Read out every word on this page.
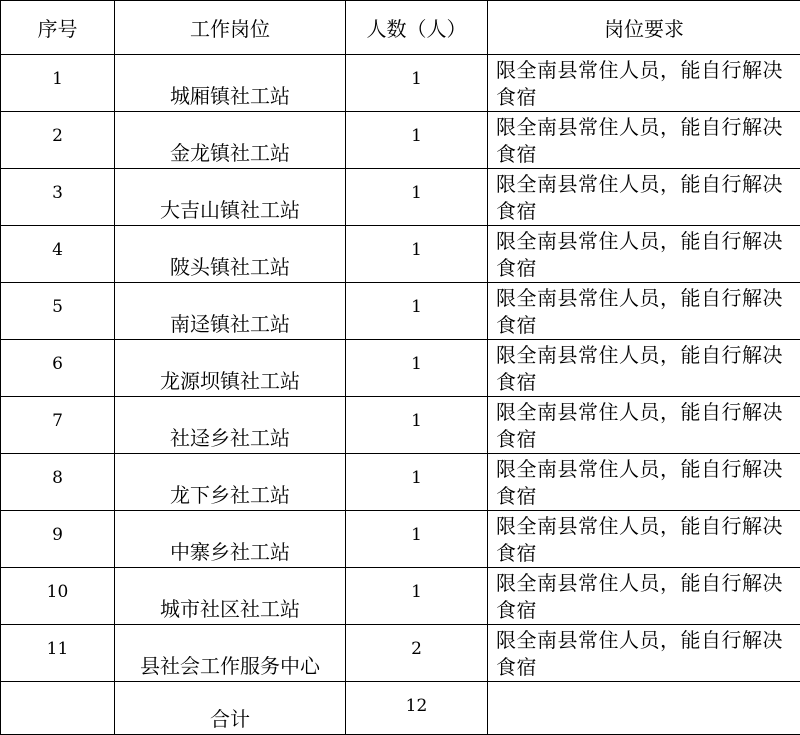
序号	工作岗位	人数（人）	岗位要求
1	城厢镇社工站	1	限全南县常住人员，能自行解决食宿
2	金龙镇社工站	1	限全南县常住人员，能自行解决食宿
3	大吉山镇社工站	1	限全南县常住人员，能自行解决食宿
4	陂头镇社工站	1	限全南县常住人员，能自行解决食宿
5	南迳镇社工站	1	限全南县常住人员，能自行解决食宿
6	龙源坝镇社工站	1	限全南县常住人员，能自行解决食宿
7	社迳乡社工站	1	限全南县常住人员，能自行解决食宿
8	龙下乡社工站	1	限全南县常住人员，能自行解决食宿
9	中寨乡社工站	1	限全南县常住人员，能自行解决食宿
10	城市社区社工站	1	限全南县常住人员，能自行解决食宿
11	县社会工作服务中心	2	限全南县常住人员，能自行解决食宿
	合计	12	
